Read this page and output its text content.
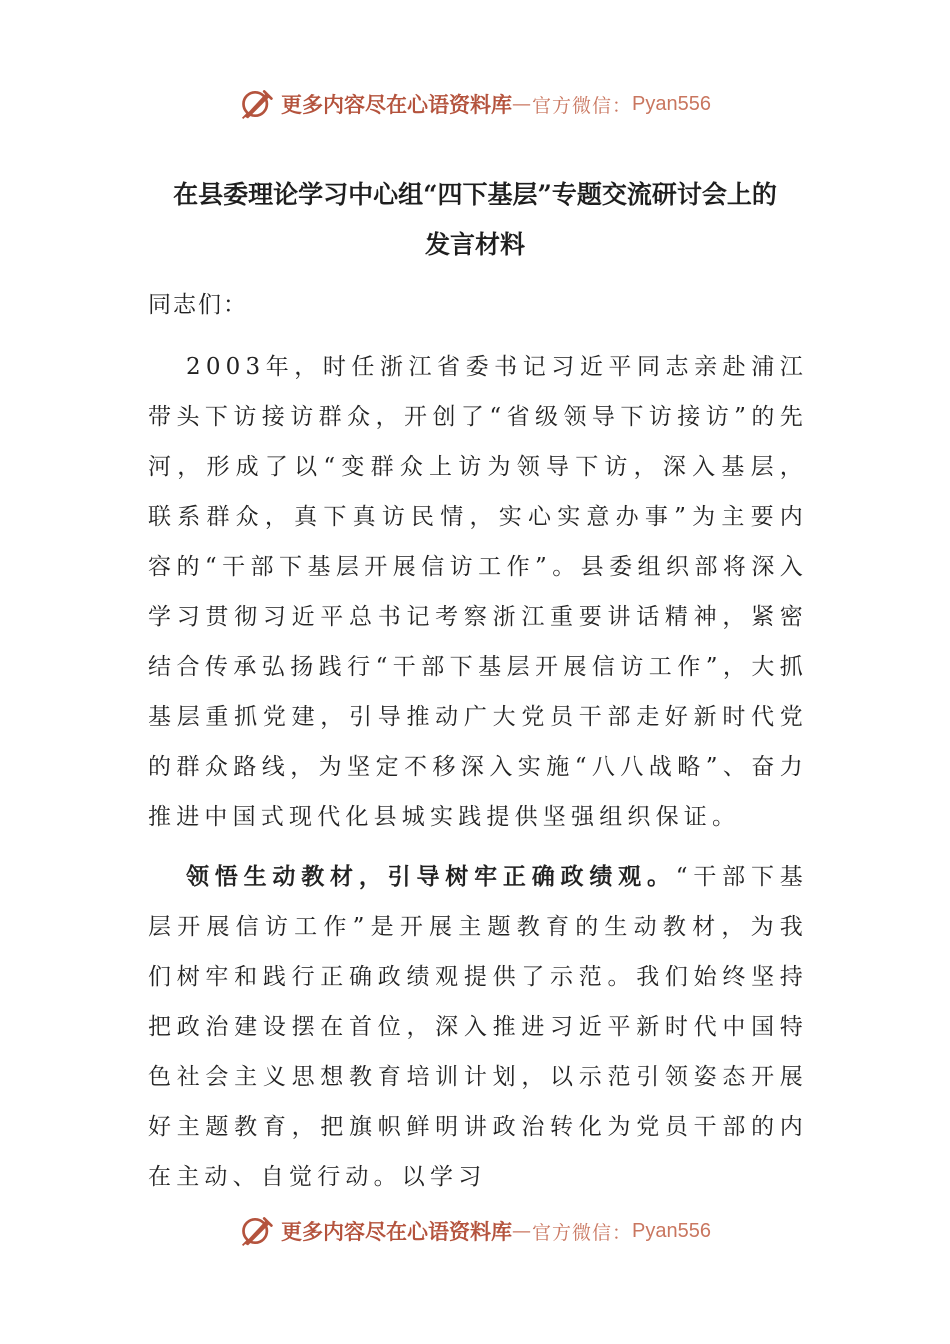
更多内容尽在心语资料库 — 官方微信： Pyan556
在县委理论学习中心组“四下基层”专题交流研讨会上的
发言材料

同志们：

2003年，时任浙江省委书记习近平同志亲赴浦江带头下访接访群众，开创了“省级领导下访接访”的先河，形成了以“变群众上访为领导下访，深入基层，联系群众，真下真访民情，实心实意办事”为主要内容的“干部下基层开展信访工作”。县委组织部将深入学习贯彻习近平总书记考察浙江重要讲话精神，紧密结合传承弘扬践行“干部下基层开展信访工作”，大抓基层重抓党建，引导推动广大党员干部走好新时代党的群众路线，为坚定不移深入实施“八八战略”、奋力推进中国式现代化县城实践提供坚强组织保证。

领悟生动教材，引导树牢正确政绩观。“干部下基层开展信访工作”是开展主题教育的生动教材，为我们树牢和践行正确政绩观提供了示范。我们始终坚持把政治建设摆在首位，深入推进习近平新时代中国特色社会主义思想教育培训计划，以示范引领姿态开展好主题教育，把旗帜鲜明讲政治转化为党员干部的内在主动、自觉行动。以学习

更多内容尽在心语资料库 — 官方微信： Pyan556
